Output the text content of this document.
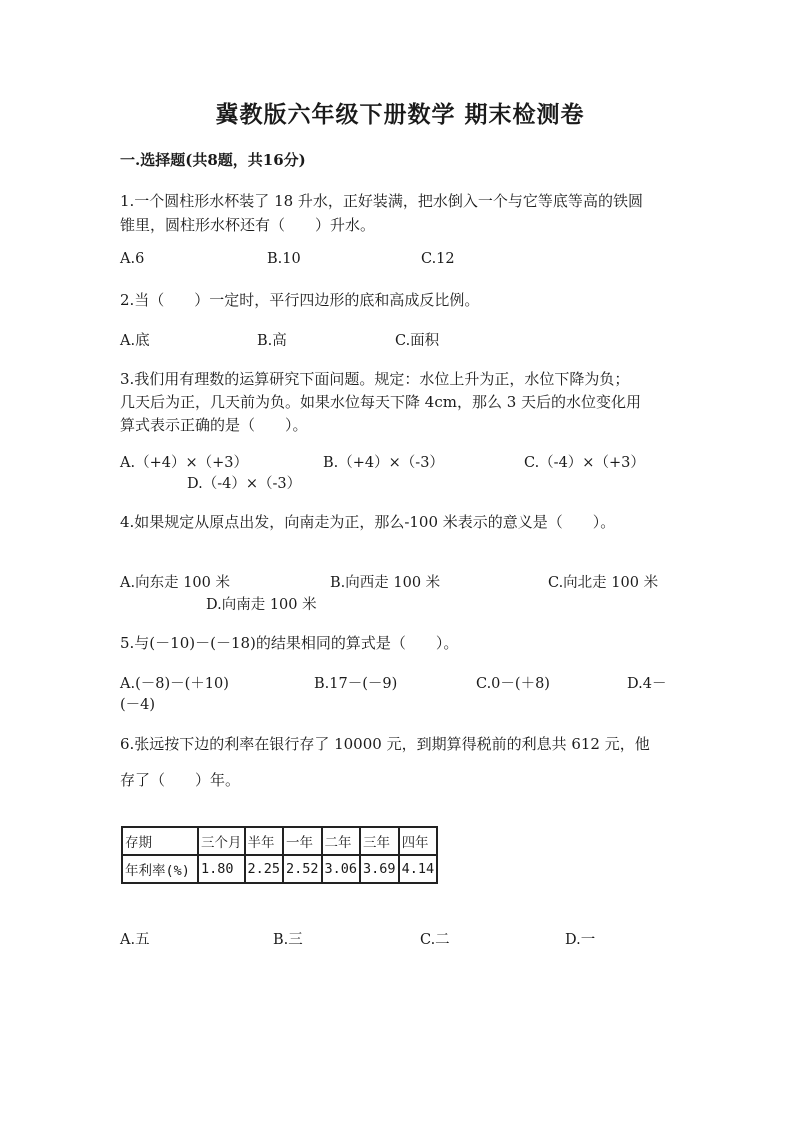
冀教版六年级下册数学 期末检测卷
一.选择题(共8题，共16分)
1.一个圆柱形水杯装了 18 升水，正好装满，把水倒入一个与它等底等高的铁圆
锥里，圆柱形水杯还有（　　）升水。
A.6	B.10	C.12
2.当（　　）一定时，平行四边形的底和高成反比例。
A.底	B.高	C.面积
3.我们用有理数的运算研究下面问题。规定：水位上升为正，水位下降为负；
几天后为正，几天前为负。如果水位每天下降 4cm，那么 3 天后的水位变化用
算式表示正确的是（　　）。
A.（+4）×（+3）	B.（+4）×（-3）	C.（-4）×（+3）
D.（-4）×（-3）
4.如果规定从原点出发，向南走为正，那么-100 米表示的意义是（　　）。
A.向东走 100 米	B.向西走 100 米	C.向北走 100 米
D.向南走 100 米
5.与(－10)－(－18)的结果相同的算式是（　　）。
A.(－8)－(＋10)	B.17－(－9)	C.0－(＋8)	D.4－
(－4)
6.张远按下边的利率在银行存了 10000 元，到期算得税前的利息共 612 元，他
存了（　　）年。
存期	三个月	半年	一年	二年	三年	四年
年利率(%)	1.80	2.25	2.52	3.06	3.69	4.14
A.五	B.三	C.二	D.一
